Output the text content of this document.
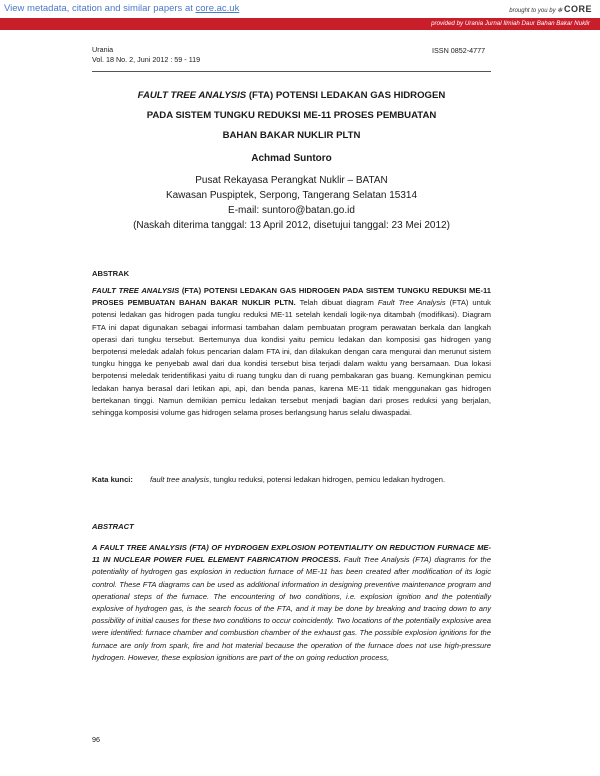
View metadata, citation and similar papers at core.ac.uk	brought to you by ✻ CORE
provided by Urania Jurnal Ilmiah Daur Bahan Bakar Nuklir
Urania
Vol. 18 No. 2, Juni 2012 : 59 - 119
ISSN 0852-4777
FAULT TREE ANALYSIS (FTA) POTENSI LEDAKAN GAS HIDROGEN
PADA SISTEM TUNGKU REDUKSI ME-11 PROSES PEMBUATAN
BAHAN BAKAR NUKLIR PLTN
Achmad Suntoro
Pusat Rekayasa Perangkat Nuklir – BATAN
Kawasan Puspiptek, Serpong, Tangerang Selatan 15314
E-mail: suntoro@batan.go.id
(Naskah diterima tanggal: 13 April 2012, disetujui tanggal: 23 Mei 2012)
ABSTRAK
FAULT TREE ANALYSIS (FTA) POTENSI LEDAKAN GAS HIDROGEN PADA SISTEM TUNGKU REDUKSI ME-11 PROSES PEMBUATAN BAHAN BAKAR NUKLIR PLTN. Telah dibuat diagram Fault Tree Analysis (FTA) untuk potensi ledakan gas hidrogen pada tungku reduksi ME-11 setelah kendali logik-nya ditambah (modifikasi). Diagram FTA ini dapat digunakan sebagai informasi tambahan dalam pembuatan program perawatan berkala dan langkah operasi dari tungku tersebut. Bertemunya dua kondisi yaitu pemicu ledakan dan komposisi gas hidrogen yang berpotensi meledak adalah fokus pencarian dalam FTA ini, dan dilakukan dengan cara mengurai dan merunut sistem tungku hingga ke penyebab awal dari dua kondisi tersebut bisa terjadi dalam waktu yang bersamaan. Dua lokasi berpotensi meledak teridentifikasi yaitu di ruang tungku dan di ruang pembakaran gas buang. Kemungkinan pemicu ledakan hanya berasal dari letikan api, api, dan benda panas, karena ME-11 tidak menggunakan gas hidrogen bertekanan tinggi. Namun demikian pemicu ledakan tersebut menjadi bagian dari proses reduksi yang berjalan, sehingga komposisi volume gas hidrogen selama proses berlangsung harus selalu diwaspadai.
Kata kunci: fault tree analysis, tungku reduksi, potensi ledakan hidrogen, pemicu ledakan hydrogen.
ABSTRACT
A FAULT TREE ANALYSIS (FTA) OF HYDROGEN EXPLOSION POTENTIALITY ON REDUCTION FURNACE ME-11 IN NUCLEAR POWER FUEL ELEMENT FABRICATION PROCESS. Fault Tree Analysis (FTA) diagrams for the potentiality of hydrogen gas explosion in reduction furnace of ME-11 has been created after modification of its logic control. These FTA diagrams can be used as additional information in designing preventive maintenance program and operational steps of the furnace. The encountering of two conditions, i.e. explosion ignition and the potentially explosive of hydrogen gas, is the search focus of the FTA, and it may be done by breaking and tracing down to any possibility of initial causes for these two conditions to occur coincidently. Two locations of the potentially explosive area were identified: furnace chamber and combustion chamber of the exhaust gas. The possible explosion ignitions for the furnace are only from spark, fire and hot material because the operation of the furnace does not use high-pressure hydrogen. However, these explosion ignitions are part of the on going reduction process,
96
